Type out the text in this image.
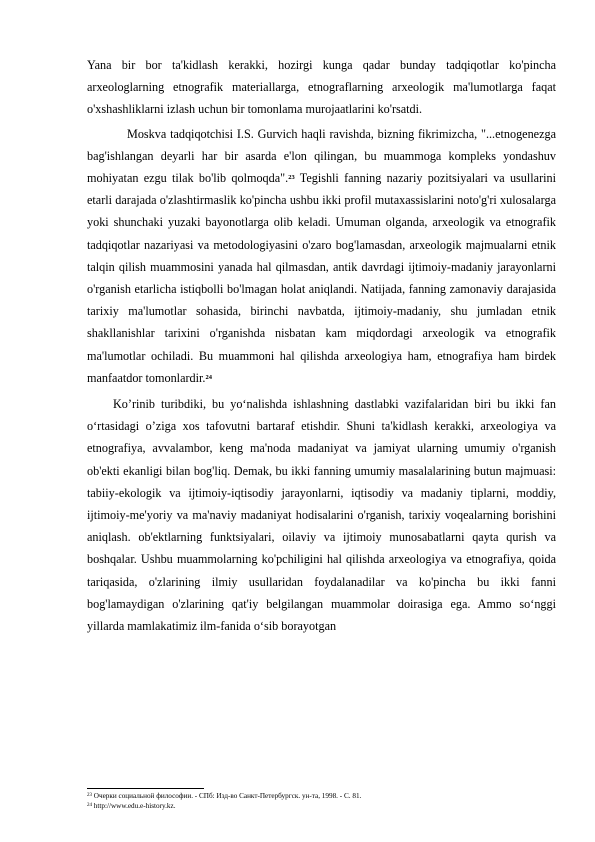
Yana bir bor ta'kidlash kerakki, hozirgi kunga qadar bunday tadqiqotlar ko'pincha arxeologlarning etnografik materiallarga, etnograflarning arxeologik ma'lumotlarga faqat o'xshashliklarni izlash uchun bir tomonlama murojaatlarini ko'rsatdi.

Moskva tadqiqotchisi I.S. Gurvich haqli ravishda, bizning fikrimizcha, "...etnogenezga bag'ishlangan deyarli har bir asarda e'lon qilingan, bu muammoga kompleks yondashuv mohiyatan ezgu tilak bo'lib qolmoqda".$^{23}$ Tegishli fanning nazariy pozitsiyalari va usullarini etarli darajada o'zlashtirmaslik ko'pincha ushbu ikki profil mutaxassislarini noto'g'ri xulosalarga yoki shunchaki yuzaki bayonotlarga olib keladi. Umuman olganda, arxeologik va etnografik tadqiqotlar nazariyasi va metodologiyasini o'zaro bog'lamasdan, arxeologik majmualarni etnik talqin qilish muammosini yanada hal qilmasdan, antik davrdagi ijtimoiy-madaniy jarayonlarni o'rganish etarlicha istiqbolli bo'lmagan holat aniqlandi. Natijada, fanning zamonaviy darajasida tarixiy ma'lumotlar sohasida, birinchi navbatda, ijtimoiy-madaniy, shu jumladan etnik shakllanishlar tarixini o'rganishda nisbatan kam miqdordagi arxeologik va etnografik ma'lumotlar ochiladi. Bu muammoni hal qilishda arxeologiya ham, etnografiya ham birdek manfaatdor tomonlardir.$^{24}$

Ko’rinib turibdiki, bu yo‘nalishda ishlashning dastlabki vazifalaridan biri bu ikki fan o‘rtasidagi o’ziga xos tafovutni bartaraf etishdir. Shuni ta'kidlash kerakki, arxeologiya va etnografiya, avvalambor, keng ma'noda madaniyat va jamiyat ularning umumiy o'rganish ob'ekti ekanligi bilan bog'liq. Demak, bu ikki fanning umumiy masalalarining butun majmuasi: tabiiy-ekologik va ijtimoiy-iqtisodiy jarayonlarni, iqtisodiy va madaniy tiplarni, moddiy, ijtimoiy-me'yoriy va ma'naviy madaniyat hodisalarini o'rganish, tarixiy voqealarning borishini aniqlash. ob'ektlarning funktsiyalari, oilaviy va ijtimoiy munosabatlarni qayta qurish va boshqalar. Ushbu muammolarning ko'pchiligini hal qilishda arxeologiya va etnografiya, qoida tariqasida, o'zlarining ilmiy usullaridan foydalanadilar va ko'pincha bu ikki fanni bog'lamaydigan o'zlarining qat'iy belgilangan muammolar doirasiga ega. Ammo so‘nggi yillarda mamlakatimiz ilm-fanida o‘sib borayotgan

$^{23}$ Очерки социальной философии. - СПб: Изд-во Санкт-Петербургск. ун-та, 1998. - С. 81.

$^{24}$ http://www.edu.e-history.kz.
